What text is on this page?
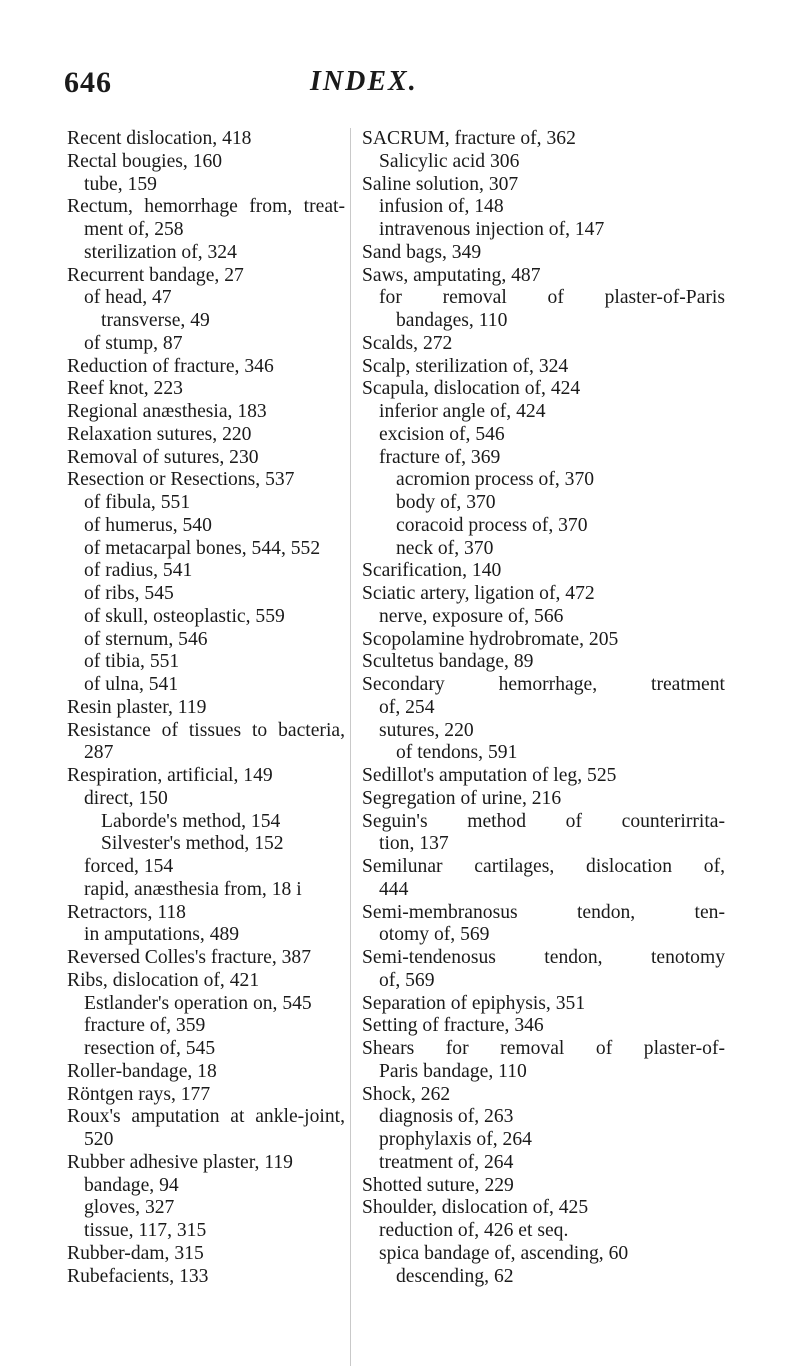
646	INDEX.
Recent dislocation, 418
Rectal bougies, 160
tube, 159
Rectum, hemorrhage from, treat-
ment of, 258
sterilization of, 324
Recurrent bandage, 27
of head, 47
transverse, 49
of stump, 87
Reduction of fracture, 346
Reef knot, 223
Regional anæsthesia, 183
Relaxation sutures, 220
Removal of sutures, 230
Resection or Resections, 537
of fibula, 551
of humerus, 540
of metacarpal bones, 544, 552
of radius, 541
of ribs, 545
of skull, osteoplastic, 559
of sternum, 546
of tibia, 551
of ulna, 541
Resin plaster, 119
Resistance of tissues to bacteria,
287
Respiration, artificial, 149
direct, 150
Laborde's method, 154
Silvester's method, 152
forced, 154
rapid, anæsthesia from, 18 i
Retractors, 118
in amputations, 489
Reversed Colles's fracture, 387
Ribs, dislocation of, 421
Estlander's operation on, 545
fracture of, 359
resection of, 545
Roller-bandage, 18
Röntgen rays, 177
Roux's amputation at ankle-joint,
520
Rubber adhesive plaster, 119
bandage, 94
gloves, 327
tissue, 117, 315
Rubber-dam, 315
Rubefacients, 133
SACRUM, fracture of, 362
Salicylic acid 306
Saline solution, 307
infusion of, 148
intravenous injection of, 147
Sand bags, 349
Saws, amputating, 487
for removal of plaster-of-Paris
bandages, 110
Scalds, 272
Scalp, sterilization of, 324
Scapula, dislocation of, 424
inferior angle of, 424
excision of, 546
fracture of, 369
acromion process of, 370
body of, 370
coracoid process of, 370
neck of, 370
Scarification, 140
Sciatic artery, ligation of, 472
nerve, exposure of, 566
Scopolamine hydrobromate, 205
Scultetus bandage, 89
Secondary hemorrhage, treatment
of, 254
sutures, 220
of tendons, 591
Sedillot's amputation of leg, 525
Segregation of urine, 216
Seguin's method of counterirrita-
tion, 137
Semilunar cartilages, dislocation of,
444
Semi-membranosus tendon, ten-
otomy of, 569
Semi-tendenosus tendon, tenotomy
of, 569
Separation of epiphysis, 351
Setting of fracture, 346
Shears for removal of plaster-of-
Paris bandage, 110
Shock, 262
diagnosis of, 263
prophylaxis of, 264
treatment of, 264
Shotted suture, 229
Shoulder, dislocation of, 425
reduction of, 426 et seq.
spica bandage of, ascending, 60
descending, 62
